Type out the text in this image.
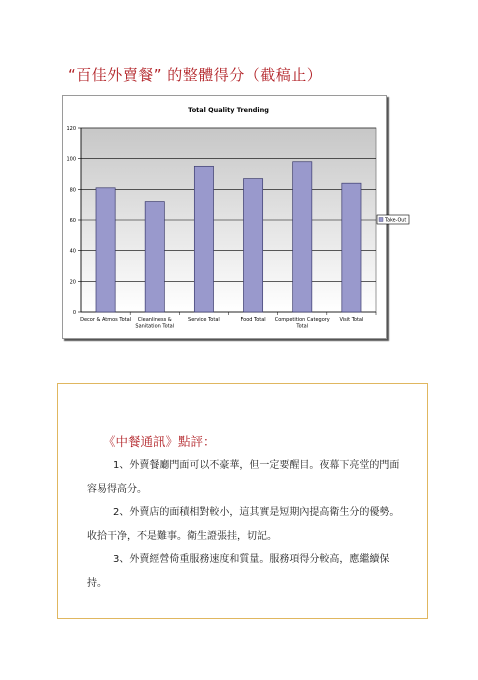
“百佳外賣餐” 的整體得分（截稿止）
Total Quality Trending
0
20
40
60
80
100
120
Decor & Atmos Total Cleanliness &
Sanitation Total
Service Total	Food Total Competition Category
Total
Visit Total
Take-Out
《中餐通訊》點評：

1、外賣餐廳門面可以不豪華，但一定要醒目。夜幕下亮堂的門面容易得高分。

2、外賣店的面積相對較小，這其實是短期內提高衛生分的優勢。收拾干净，不是難事。衛生證張挂，切記。

3、外賣經營倚重服務速度和質量。服務項得分較高，應繼續保持。
